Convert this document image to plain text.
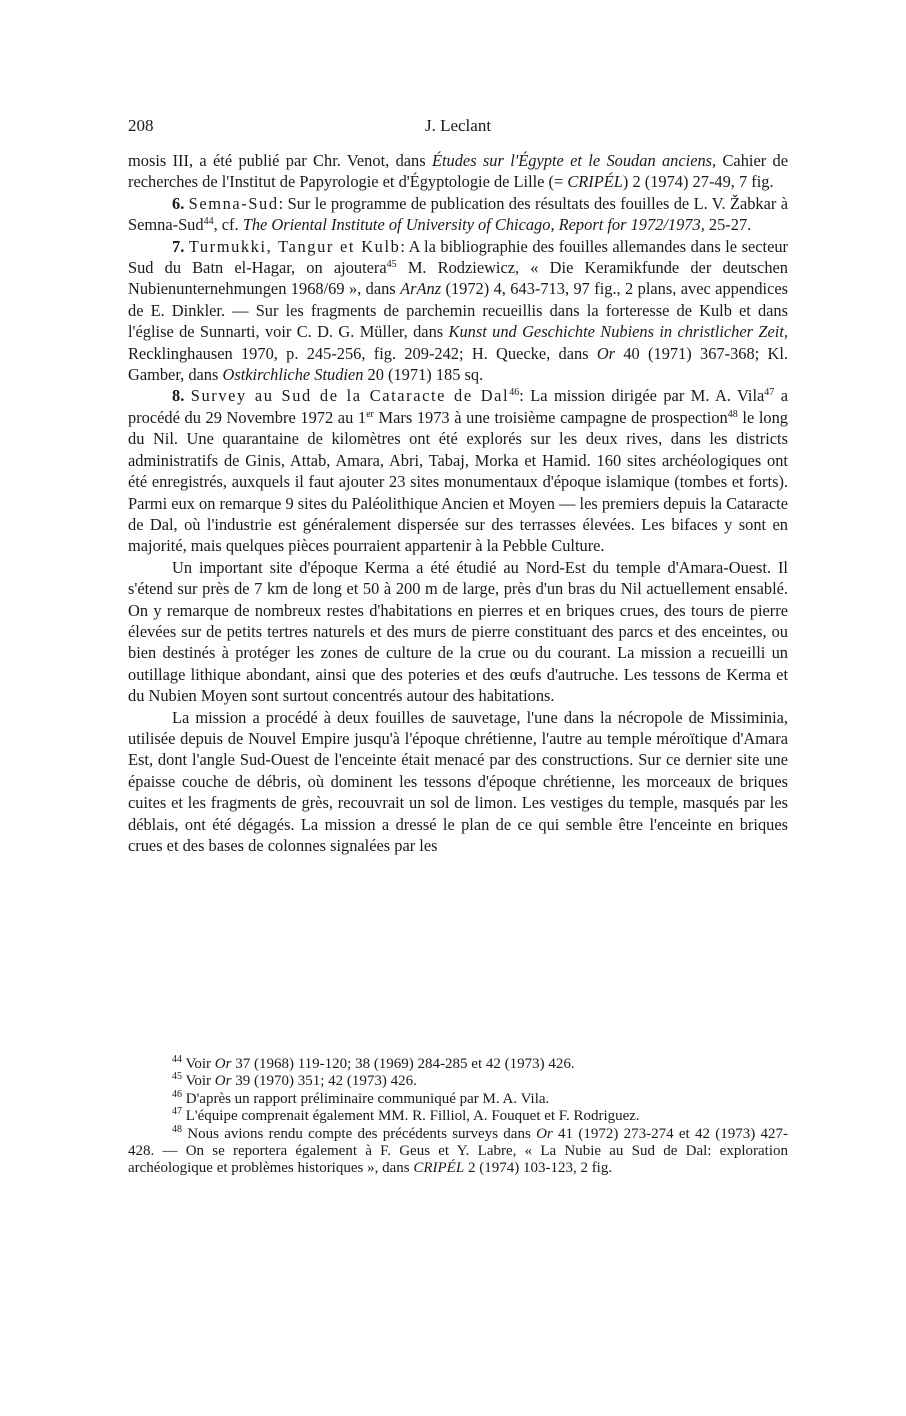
208	J. Leclant

mosis III, a été publié par Chr. Venot, dans Études sur l'Égypte et le Soudan anciens, Cahier de recherches de l'Institut de Papyrologie et d'Égyptologie de Lille (= CRIPÉL) 2 (1974) 27-49, 7 fig.

6. Semna-Sud: Sur le programme de publication des résultats des fouilles de L. V. Žabkar à Semna-Sud$^{44}$, cf. The Oriental Institute of University of Chicago, Report for 1972/1973, 25-27.

7. Turmukki, Tangur et Kulb: A la bibliographie des fouilles allemandes dans le secteur Sud du Batn el-Hagar, on ajoutera$^{45}$ M. Rodziewicz, « Die Keramikfunde der deutschen Nubienunternehmungen 1968/69 », dans ArAnz (1972) 4, 643-713, 97 fig., 2 plans, avec appendices de E. Dinkler. — Sur les fragments de parchemin recueillis dans la forteresse de Kulb et dans l'église de Sunnarti, voir C. D. G. Müller, dans Kunst und Geschichte Nubiens in christlicher Zeit, Recklinghausen 1970, p. 245-256, fig. 209-242; H. Quecke, dans Or 40 (1971) 367-368; Kl. Gamber, dans Ostkirchliche Studien 20 (1971) 185 sq.

8. Survey au Sud de la Cataracte de Dal$^{46}$: La mission dirigée par M. A. Vila$^{47}$ a procédé du 29 Novembre 1972 au 1er Mars 1973 à une troisième campagne de prospection$^{48}$ le long du Nil. Une quarantaine de kilomètres ont été explorés sur les deux rives, dans les districts administratifs de Ginis, Attab, Amara, Abri, Tabaj, Morka et Hamid. 160 sites archéologiques ont été enregistrés, auxquels il faut ajouter 23 sites monumentaux d'époque islamique (tombes et forts). Parmi eux on remarque 9 sites du Paléolithique Ancien et Moyen — les premiers depuis la Cataracte de Dal, où l'industrie est généralement dispersée sur des terrasses élevées. Les bifaces y sont en majorité, mais quelques pièces pourraient appartenir à la Pebble Culture.

Un important site d'époque Kerma a été étudié au Nord-Est du temple d'Amara-Ouest. Il s'étend sur près de 7 km de long et 50 à 200 m de large, près d'un bras du Nil actuellement ensablé. On y remarque de nombreux restes d'habitations en pierres et en briques crues, des tours de pierre élevées sur de petits tertres naturels et des murs de pierre constituant des parcs et des enceintes, ou bien destinés à protéger les zones de culture de la crue ou du courant. La mission a recueilli un outillage lithique abondant, ainsi que des poteries et des œufs d'autruche. Les tessons de Kerma et du Nubien Moyen sont surtout concentrés autour des habitations.

La mission a procédé à deux fouilles de sauvetage, l'une dans la nécropole de Missiminia, utilisée depuis de Nouvel Empire jusqu'à l'époque chrétienne, l'autre au temple méroïtique d'Amara Est, dont l'angle Sud-Ouest de l'enceinte était menacé par des constructions. Sur ce dernier site une épaisse couche de débris, où dominent les tessons d'époque chrétienne, les morceaux de briques cuites et les fragments de grès, recouvrait un sol de limon. Les vestiges du temple, masqués par les déblais, ont été dégagés. La mission a dressé le plan de ce qui semble être l'enceinte en briques crues et des bases de colonnes signalées par les

$^{44}$ Voir Or 37 (1968) 119-120; 38 (1969) 284-285 et 42 (1973) 426.

$^{45}$ Voir Or 39 (1970) 351; 42 (1973) 426.

$^{46}$ D'après un rapport préliminaire communiqué par M. A. Vila.

$^{47}$ L'équipe comprenait également MM. R. Filliol, A. Fouquet et F. Rodriguez.

$^{48}$ Nous avions rendu compte des précédents surveys dans Or 41 (1972) 273-274 et 42 (1973) 427-428. — On se reportera également à F. Geus et Y. Labre, « La Nubie au Sud de Dal: exploration archéologique et problèmes historiques », dans CRIPÉL 2 (1974) 103-123, 2 fig.
